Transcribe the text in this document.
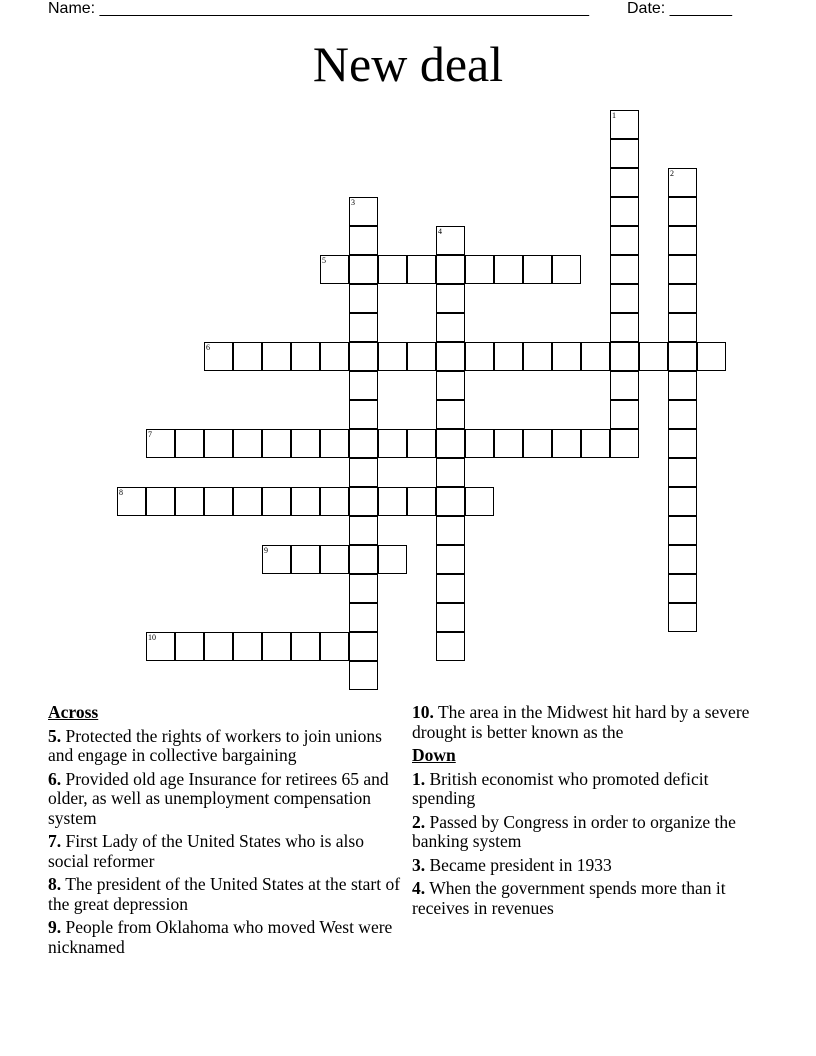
Name: _______________________________________________________ Date: _______
New deal
1
2
3
4
5
6
7
8
9
10
Across
5. Protected the rights of workers to join unions and engage in collective bargaining
6. Provided old age Insurance for retirees 65 and older, as well as unemployment compensation system
7. First Lady of the United States who is also social reformer
8. The president of the United States at the start of the great depression
9. People from Oklahoma who moved West were nicknamed
10. The area in the Midwest hit hard by a severe drought is better known as the
Down
1. British economist who promoted deficit spending
2. Passed by Congress in order to organize the banking system
3. Became president in 1933
4. When the government spends more than it receives in revenues
